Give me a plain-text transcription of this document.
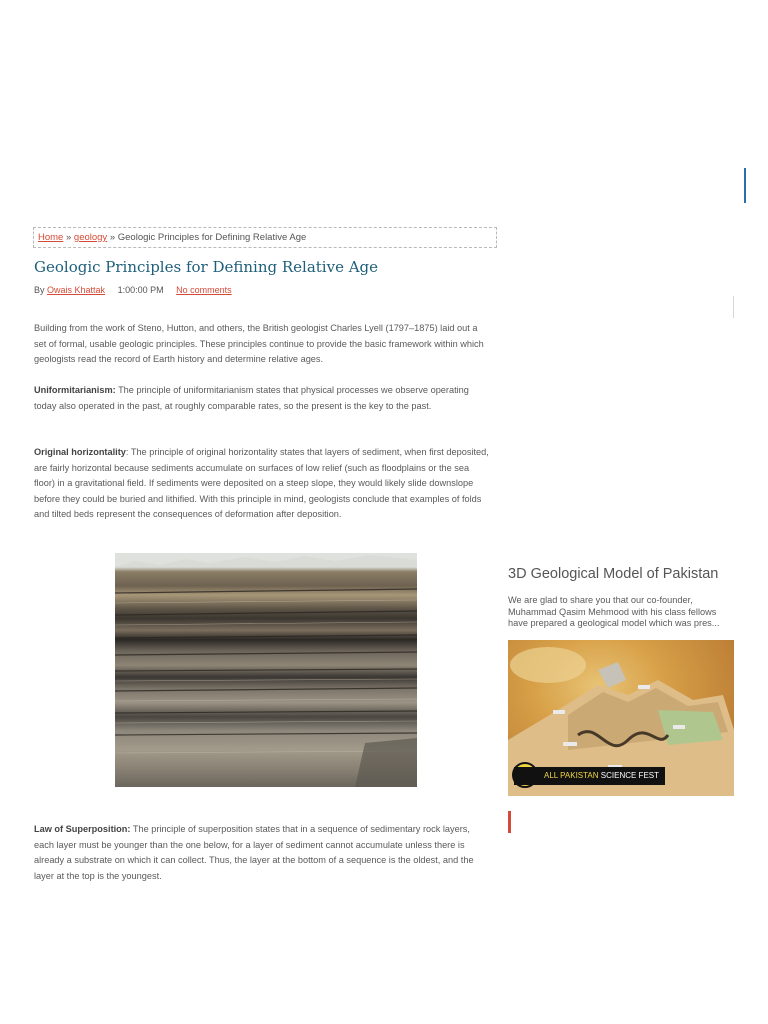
Home » geology » Geologic Principles for Defining Relative Age
Geologic Principles for Defining Relative Age
By Owais Khattak 1:00:00 PM No comments

Building from the work of Steno, Hutton, and others, the British geologist Charles Lyell (1797–1875) laid out a set of formal, usable geologic principles. These principles continue to provide the basic framework within which geologists read the record of Earth history and determine relative ages.

Uniformitarianism: The principle of uniformitarianism states that physical processes we observe operating today also operated in the past, at roughly comparable rates, so the present is the key to the past.

Original horizontality: The principle of original horizontality states that layers of sediment, when first deposited, are fairly horizontal because sediments accumulate on surfaces of low relief (such as floodplains or the sea floor) in a gravitational field. If sediments were deposited on a steep slope, they would likely slide downslope before they could be buried and lithified. With this principle in mind, geologists conclude that examples of folds and tilted beds represent the consequences of deformation after deposition.

Law of Superposition: The principle of superposition states that in a sequence of sedimentary rock layers, each layer must be younger than the one below, for a layer of sediment cannot accumulate unless there is already a substrate on which it can collect. Thus, the layer at the bottom of a sequence is the oldest, and the layer at the top is the youngest.

3D Geological Model of Pakistan

We are glad to share you that our co-founder, Muhammad Qasim Mehmood with his class fellows have prepared a geological model which was pres...

ALL PAKISTAN SCIENCE FEST
